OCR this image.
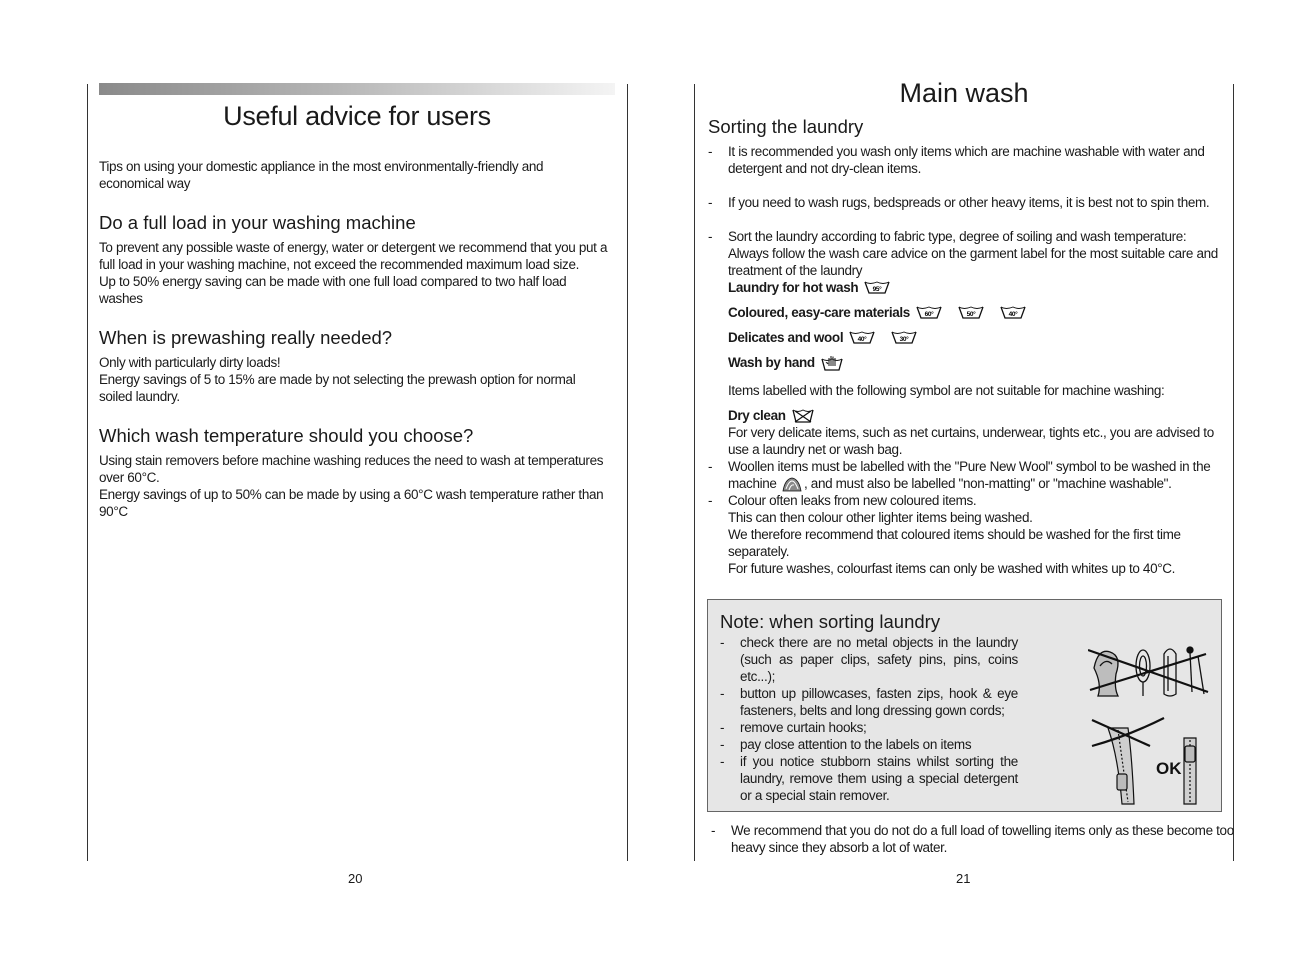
Useful advice for users

Tips on using your domestic appliance in the most environmentally-friendly and economical way

Do a full load in your washing machine

To prevent any possible waste of energy, water or detergent we recommend that you put a full load in your washing machine, not exceed the recommended maximum load size.

Up to 50% energy saving can be made with one full load compared to two half load washes

When is prewashing really needed?

Only with particularly dirty loads!

Energy savings of 5 to 15% are made by not selecting the prewash option for normal soiled laundry.

Which wash temperature should you choose?

Using stain removers before machine washing reduces the need to wash at temperatures over 60°C.

Energy savings of up to 50% can be made by using a 60°C wash temperature rather than 90°C

20
Main wash
Sorting the laundry
- It is recommended you wash only items which are machine washable with water and detergent and not dry-clean items.
- If you need to wash rugs, bedspreads or other heavy items, it is best not to spin them.
- Sort the laundry according to fabric type, degree of soiling and wash temperature: Always follow the wash care advice on the garment label for the most suitable care and treatment of the laundry
Laundry for hot wash 95°
Coloured, easy-care materials 60°	50°	40°
Delicates and wool 40°	30°
Wash by hand
Items labelled with the following symbol are not suitable for machine washing:
Dry clean
For very delicate items, such as net curtains, underwear, tights etc., you are advised to use a laundry net or wash bag.
- Woollen items must be labelled with the "Pure New Wool" symbol to be washed in the machine , and must also be labelled "non-matting" or "machine washable".
- Colour often leaks from new coloured items.
This can then colour other lighter items being washed.
We therefore recommend that coloured items should be washed for the first time separately.
For future washes, colourfast items can only be washed with whites up to 40°C.
Note: when sorting laundry
- check there are no metal objects in the laundry (such as paper clips, safety pins, pins, coins etc...);
- button up pillowcases, fasten zips, hook & eye fasteners, belts and long dressing gown cords;
- remove curtain hooks;
- pay close attention to the labels on items
- if you notice stubborn stains whilst sorting the laundry, remove them using a special detergent or a special stain remover.
OK
- We recommend that you do not do a full load of towelling items only as these become too heavy since they absorb a lot of water.
21
